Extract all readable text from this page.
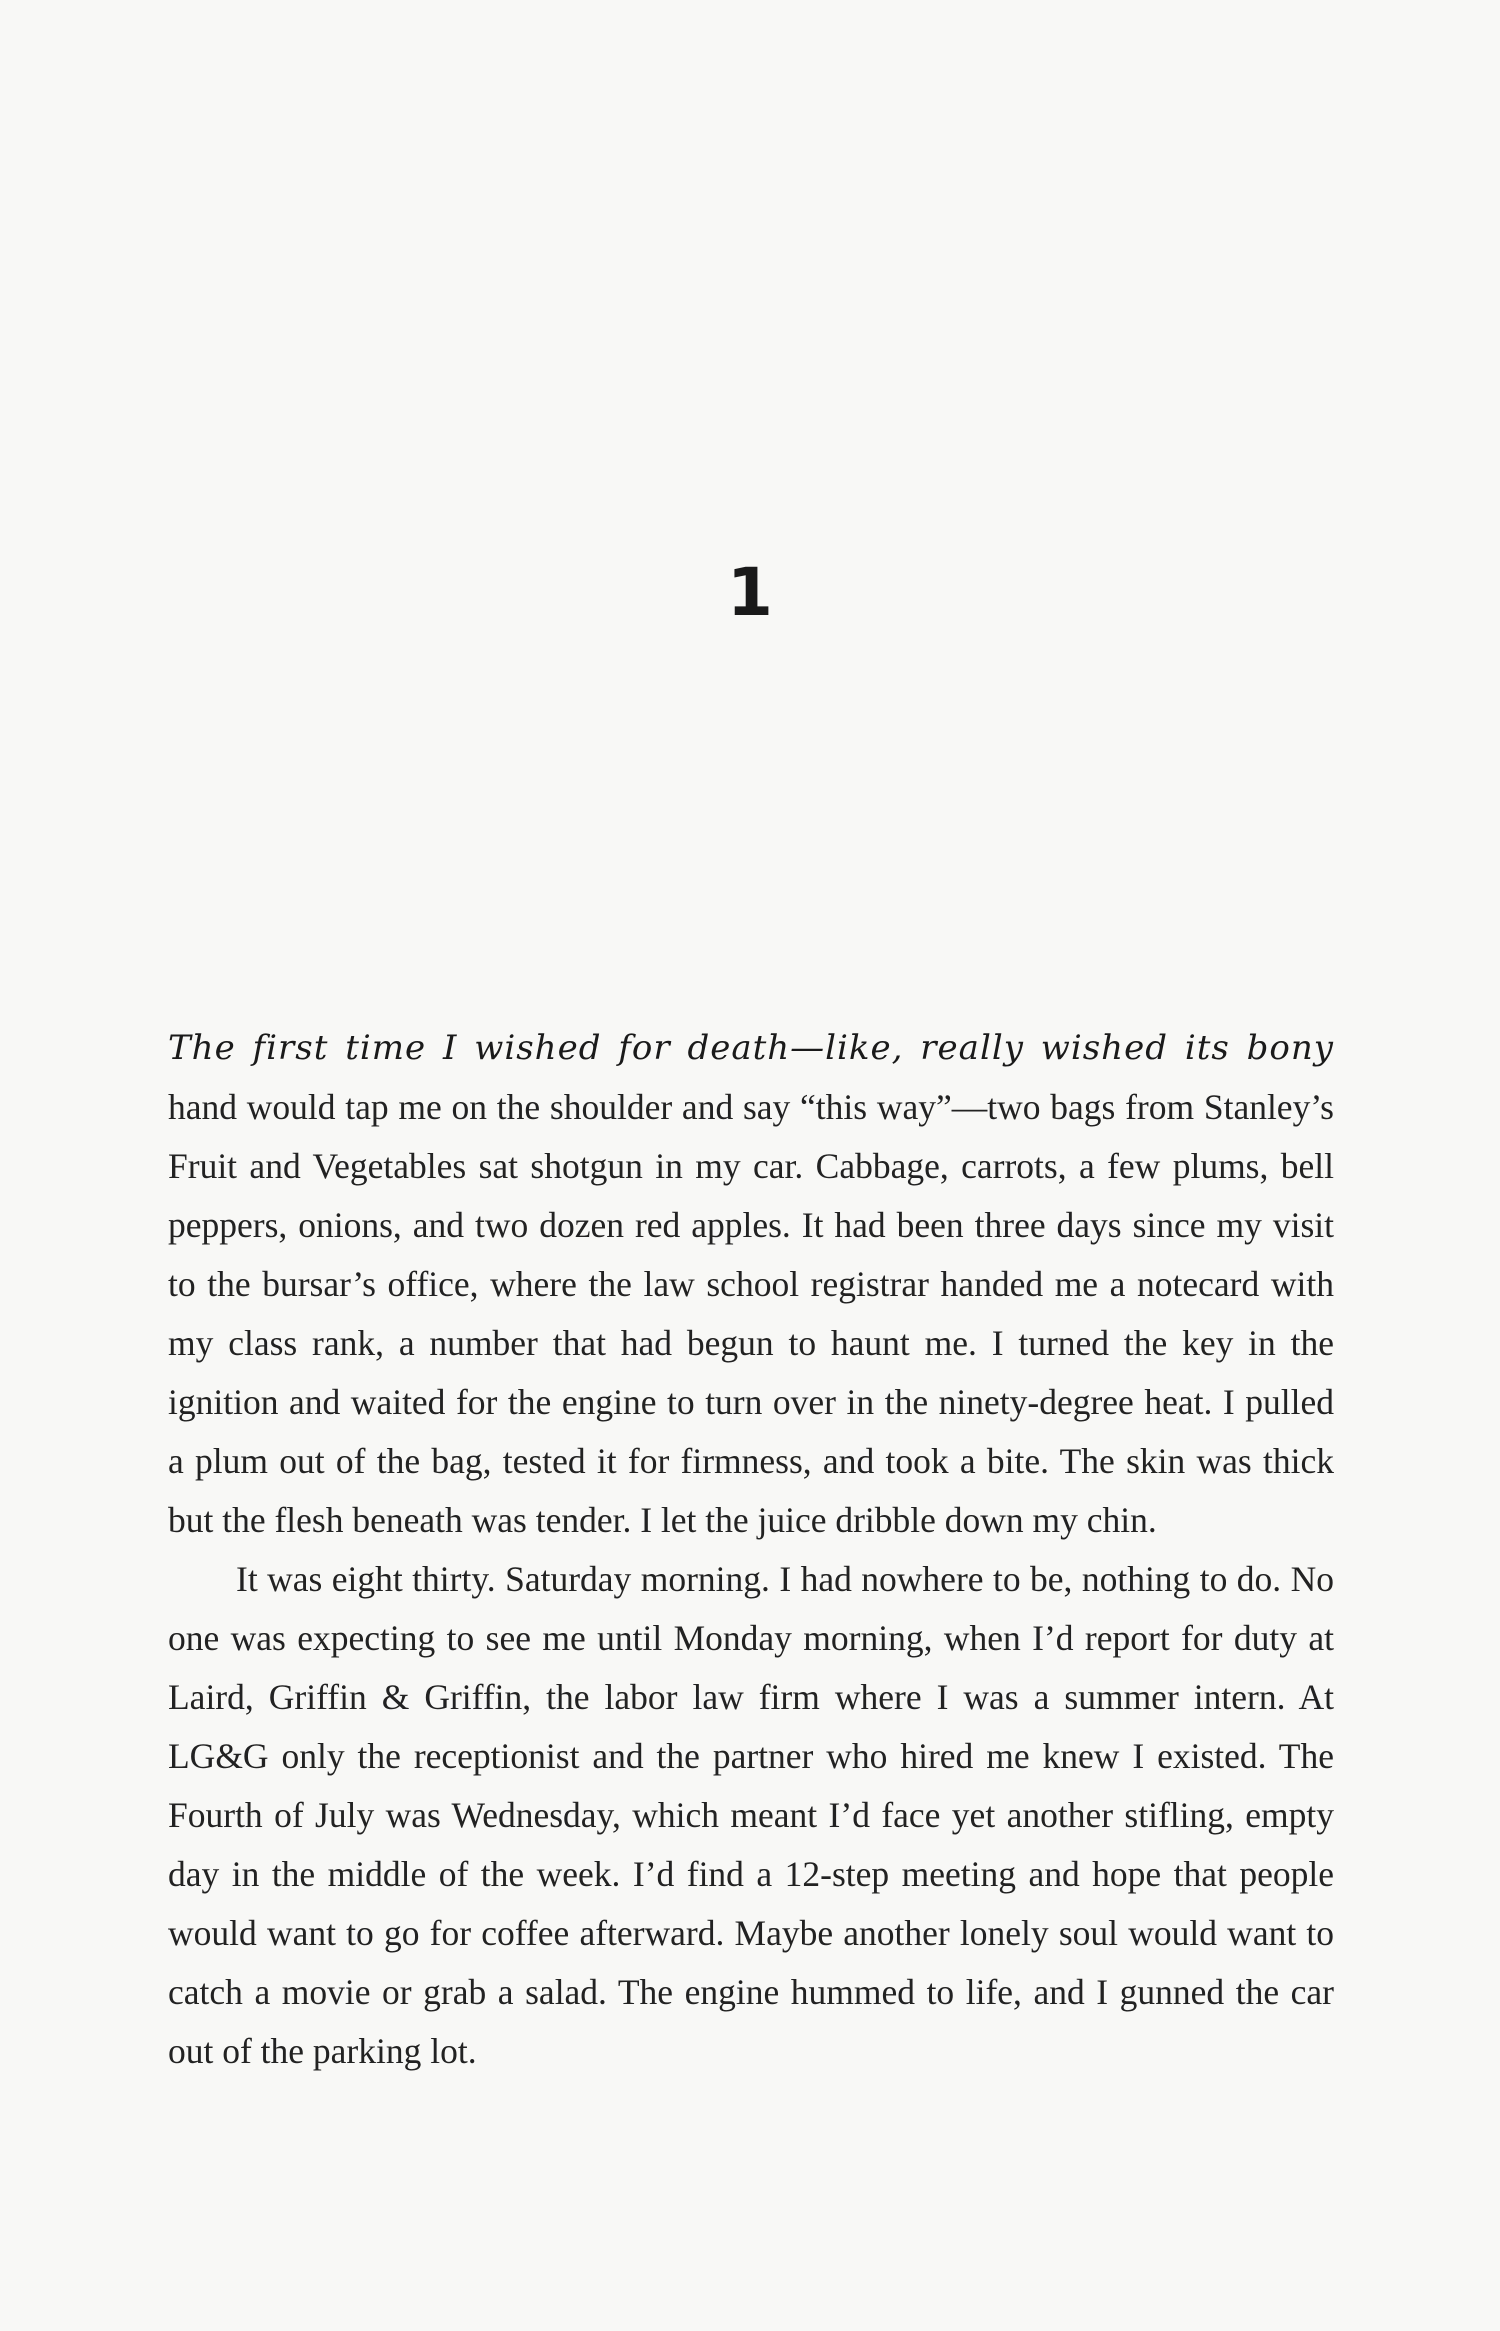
1

The first time I wished for death—like, really wished its bony hand would tap me on the shoulder and say “this way”—two bags from Stanley’s Fruit and Vegetables sat shotgun in my car. Cabbage, carrots, a few plums, bell peppers, onions, and two dozen red apples. It had been three days since my visit to the bursar’s office, where the law school registrar handed me a notecard with my class rank, a number that had begun to haunt me. I turned the key in the ignition and waited for the engine to turn over in the ninety-degree heat. I pulled a plum out of the bag, tested it for firmness, and took a bite. The skin was thick but the flesh beneath was tender. I let the juice dribble down my chin.

It was eight thirty. Saturday morning. I had nowhere to be, nothing to do. No one was expecting to see me until Monday morning, when I’d report for duty at Laird, Griffin & Griffin, the labor law firm where I was a summer intern. At LG&G only the receptionist and the partner who hired me knew I existed. The Fourth of July was Wednesday, which meant I’d face yet another stifling, empty day in the middle of the week. I’d find a 12-step meeting and hope that people would want to go for coffee afterward. Maybe another lonely soul would want to catch a movie or grab a salad. The engine hummed to life, and I gunned the car out of the parking lot.
